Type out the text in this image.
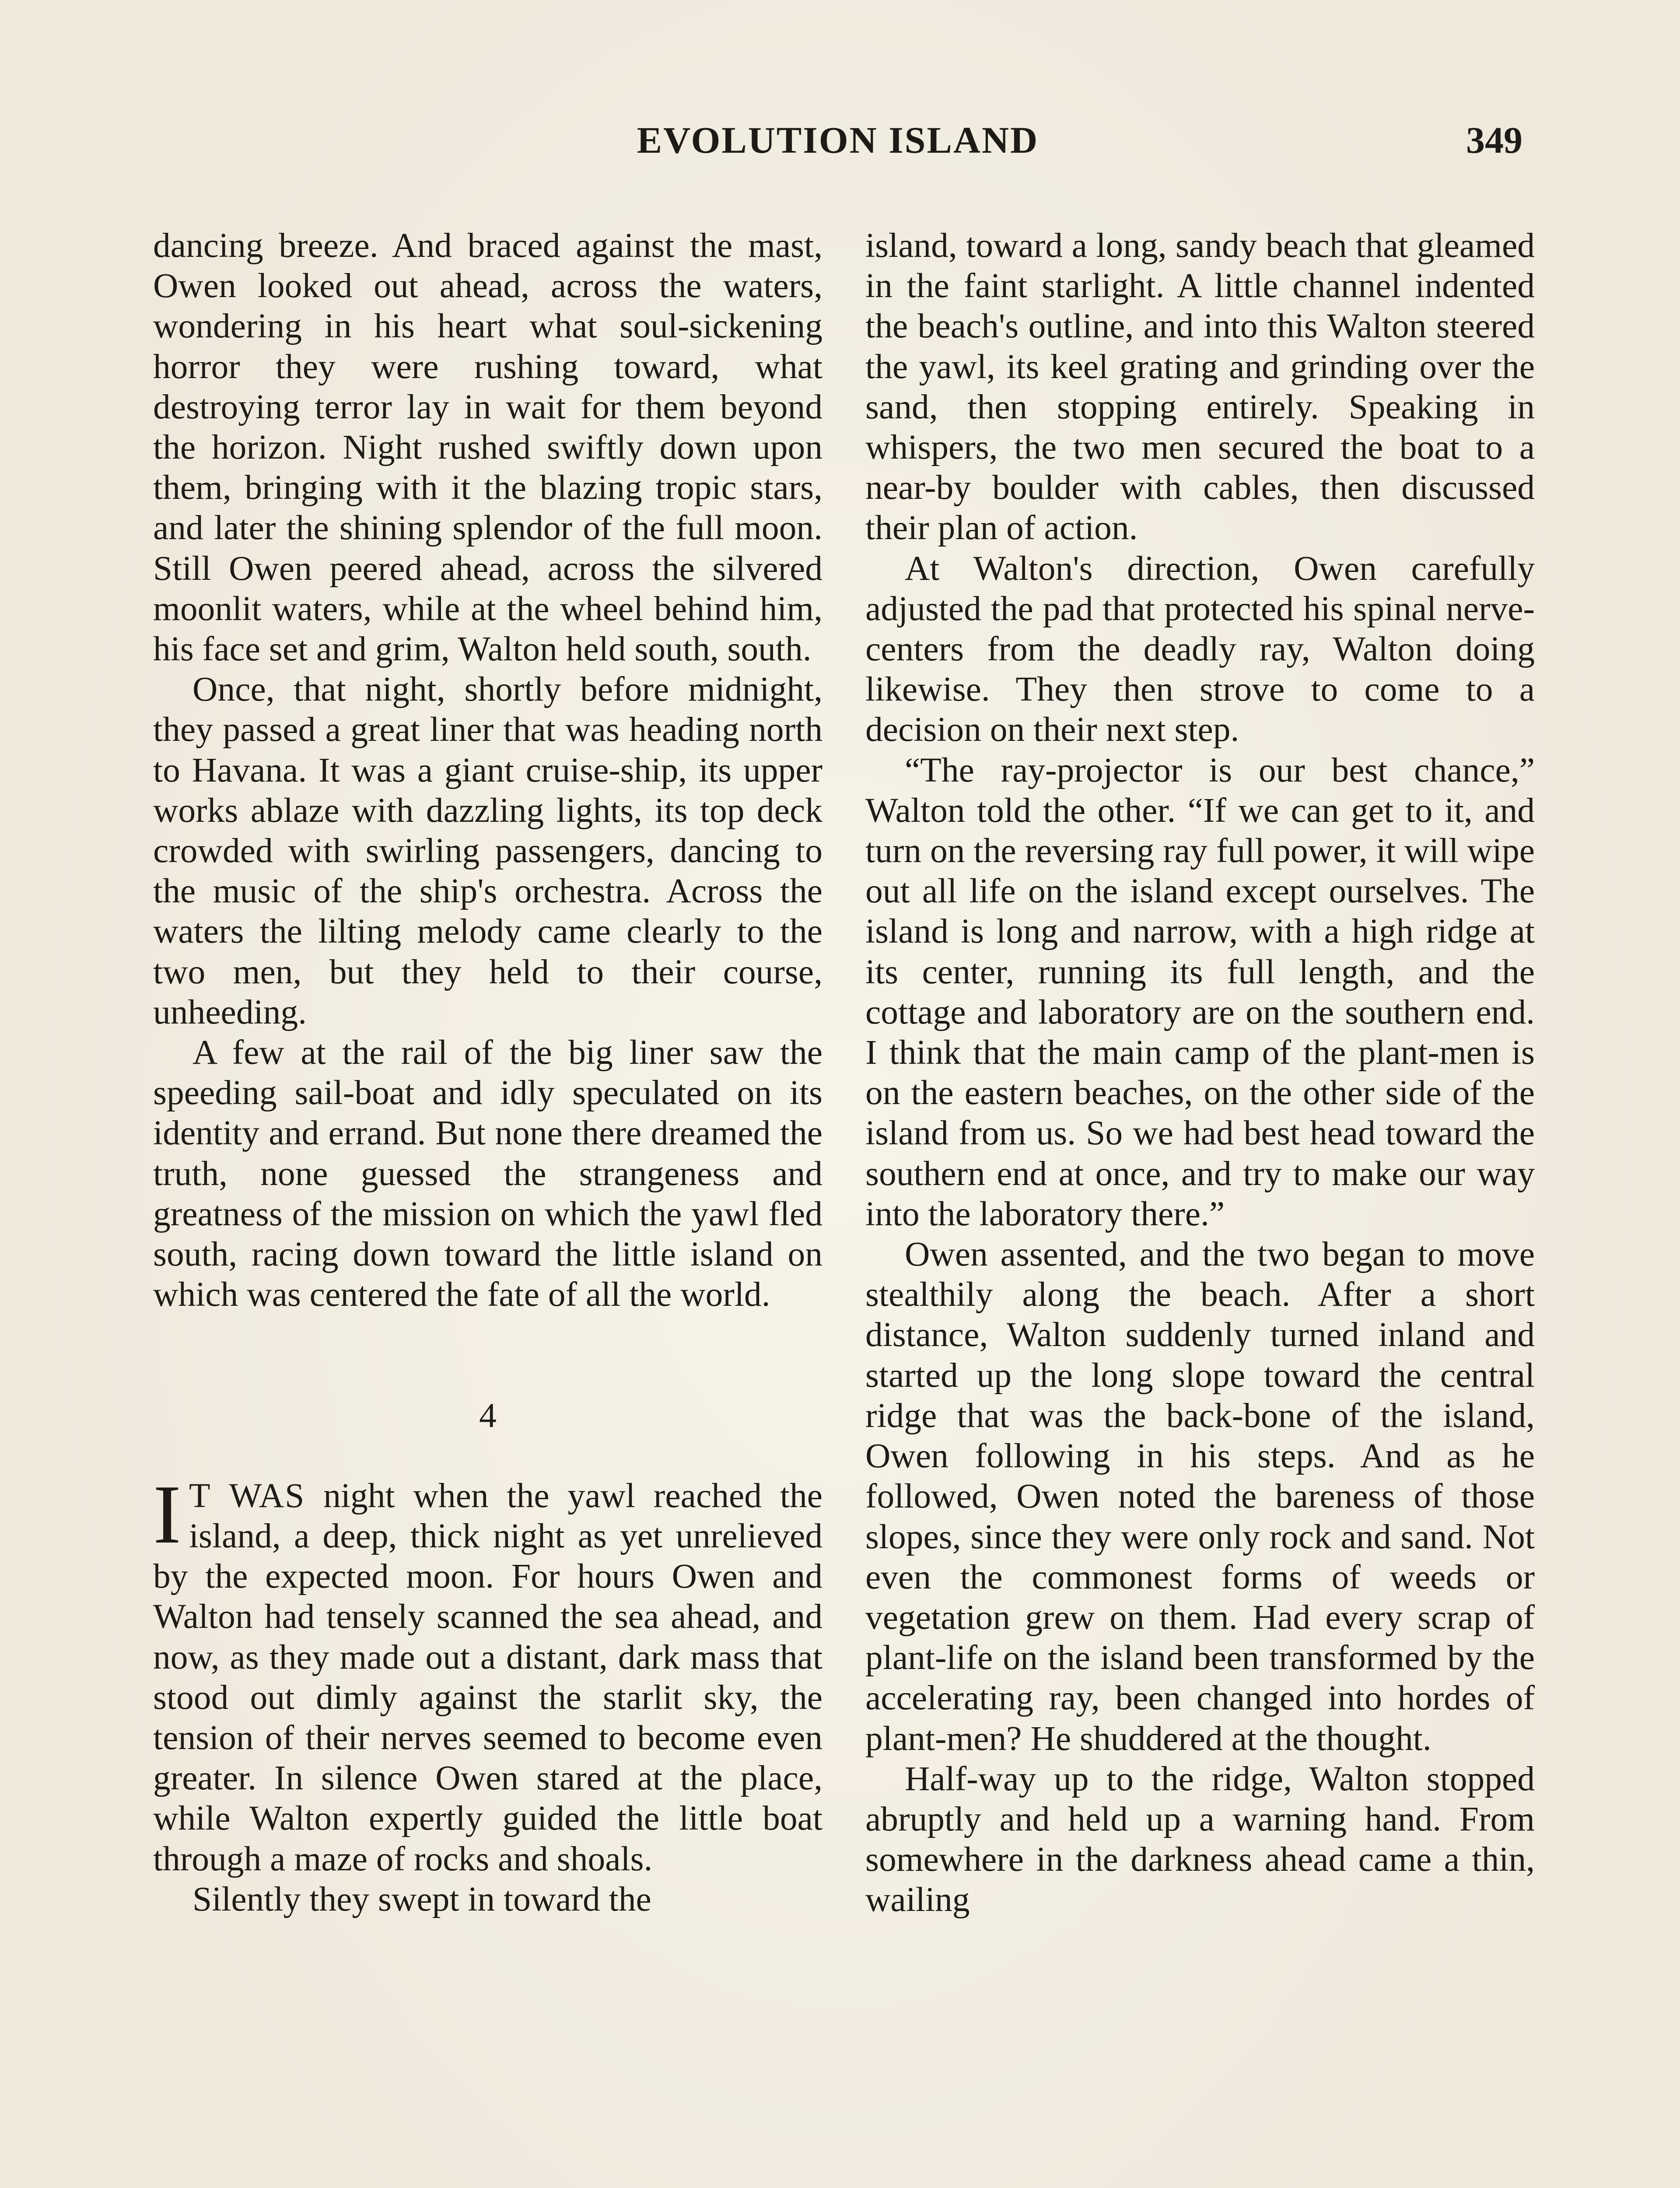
EVOLUTION ISLAND	349

dancing breeze. And braced against the mast, Owen looked out ahead, across the waters, wondering in his heart what soul-sickening horror they were rushing toward, what destroying terror lay in wait for them beyond the horizon. Night rushed swiftly down upon them, bringing with it the blazing tropic stars, and later the shining splendor of the full moon. Still Owen peered ahead, across the silvered moonlit waters, while at the wheel behind him, his face set and grim, Walton held south, south.

Once, that night, shortly before midnight, they passed a great liner that was heading north to Havana. It was a giant cruise-ship, its upper works ablaze with dazzling lights, its top deck crowded with swirling passengers, dancing to the music of the ship's orchestra. Across the waters the lilting melody came clearly to the two men, but they held to their course, unheeding.

A few at the rail of the big liner saw the speeding sail-boat and idly speculated on its identity and errand. But none there dreamed the truth, none guessed the strangeness and greatness of the mission on which the yawl fled south, racing down toward the little island on which was centered the fate of all the world.

4

I T WAS night when the yawl reached the island, a deep, thick night as yet unrelieved by the expected moon. For hours Owen and Walton had tensely scanned the sea ahead, and now, as they made out a distant, dark mass that stood out dimly against the starlit sky, the tension of their nerves seemed to become even greater. In silence Owen stared at the place, while Walton expertly guided the little boat through a maze of rocks and shoals.

Silently they swept in toward the

island, toward a long, sandy beach that gleamed in the faint starlight. A little channel indented the beach's outline, and into this Walton steered the yawl, its keel grating and grinding over the sand, then stopping entirely. Speaking in whispers, the two men secured the boat to a near-by boulder with cables, then discussed their plan of action.

At Walton's direction, Owen carefully adjusted the pad that protected his spinal nerve-centers from the deadly ray, Walton doing likewise. They then strove to come to a decision on their next step.

“The ray-projector is our best chance,” Walton told the other. “If we can get to it, and turn on the reversing ray full power, it will wipe out all life on the island except ourselves. The island is long and narrow, with a high ridge at its center, running its full length, and the cottage and laboratory are on the southern end. I think that the main camp of the plant-men is on the eastern beaches, on the other side of the island from us. So we had best head toward the southern end at once, and try to make our way into the laboratory there.”

Owen assented, and the two began to move stealthily along the beach. After a short distance, Walton suddenly turned inland and started up the long slope toward the central ridge that was the back-bone of the island, Owen following in his steps. And as he followed, Owen noted the bareness of those slopes, since they were only rock and sand. Not even the commonest forms of weeds or vegetation grew on them. Had every scrap of plant-life on the island been transformed by the accelerating ray, been changed into hordes of plant-men? He shuddered at the thought.

Half-way up to the ridge, Walton stopped abruptly and held up a warning hand. From somewhere in the darkness ahead came a thin, wailing
